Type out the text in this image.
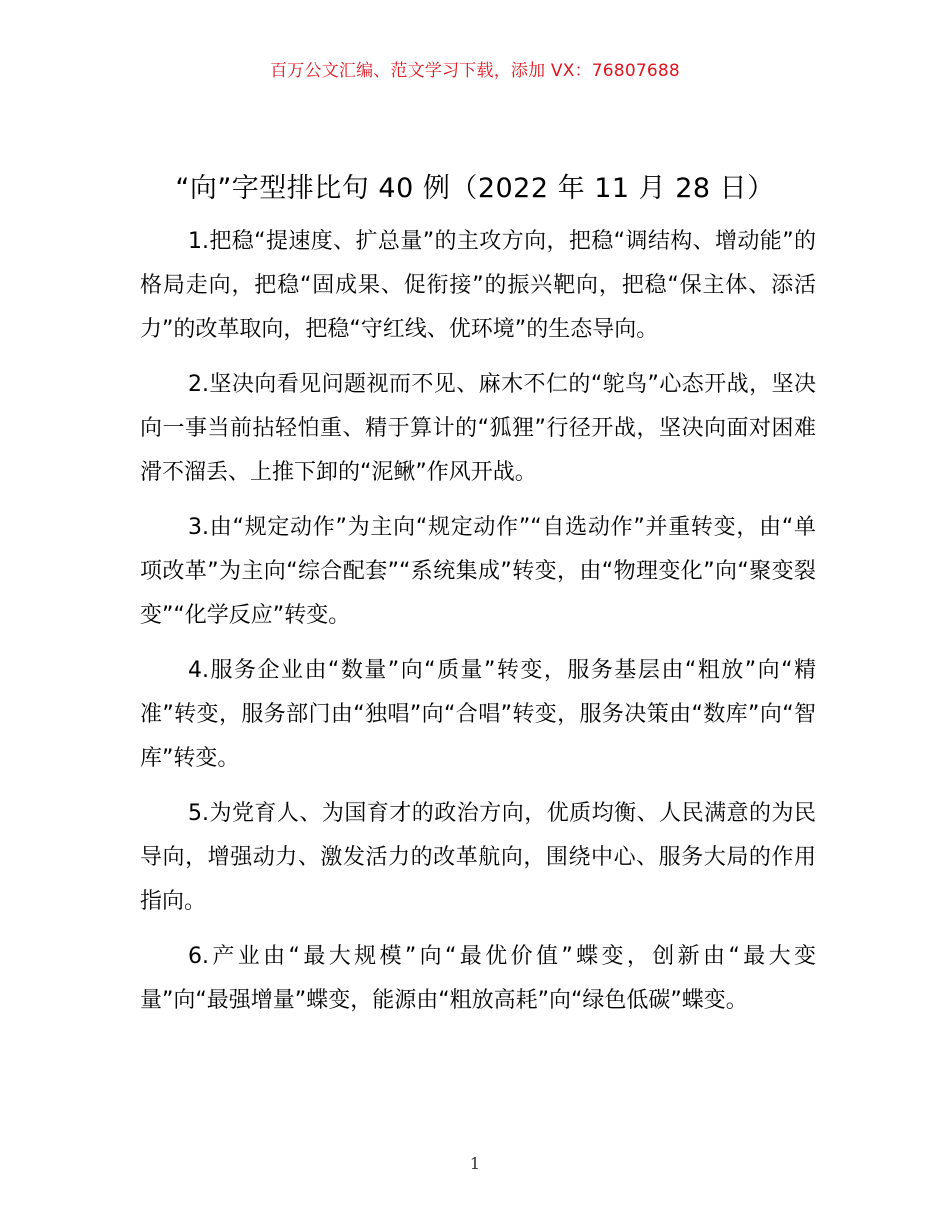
百万公文汇编、范文学习下载，添加 VX：76807688
“向”字型排比句 40 例（2022 年 11 月 28 日）

1.把稳“提速度、扩总量”的主攻方向，把稳“调结构、增动能”的格局走向，把稳“固成果、促衔接”的振兴靶向，把稳“保主体、添活力”的改革取向，把稳“守红线、优环境”的生态导向。

2.坚决向看见问题视而不见、麻木不仁的“鸵鸟”心态开战，坚决向一事当前拈轻怕重、精于算计的“狐狸”行径开战，坚决向面对困难滑不溜丢、上推下卸的“泥鳅”作风开战。

3.由“规定动作”为主向“规定动作”“自选动作”并重转变，由“单项改革”为主向“综合配套”“系统集成”转变，由“物理变化”向“聚变裂变”“化学反应”转变。

4.服务企业由“数量”向“质量”转变，服务基层由“粗放”向“精准”转变，服务部门由“独唱”向“合唱”转变，服务决策由“数库”向“智库”转变。

5.为党育人、为国育才的政治方向，优质均衡、人民满意的为民导向，增强动力、激发活力的改革航向，围绕中心、服务大局的作用指向。

6.产业由“最大规模”向“最优价值”蝶变，创新由“最大变量”向“最强增量”蝶变，能源由“粗放高耗”向“绿色低碳”蝶变。

1
